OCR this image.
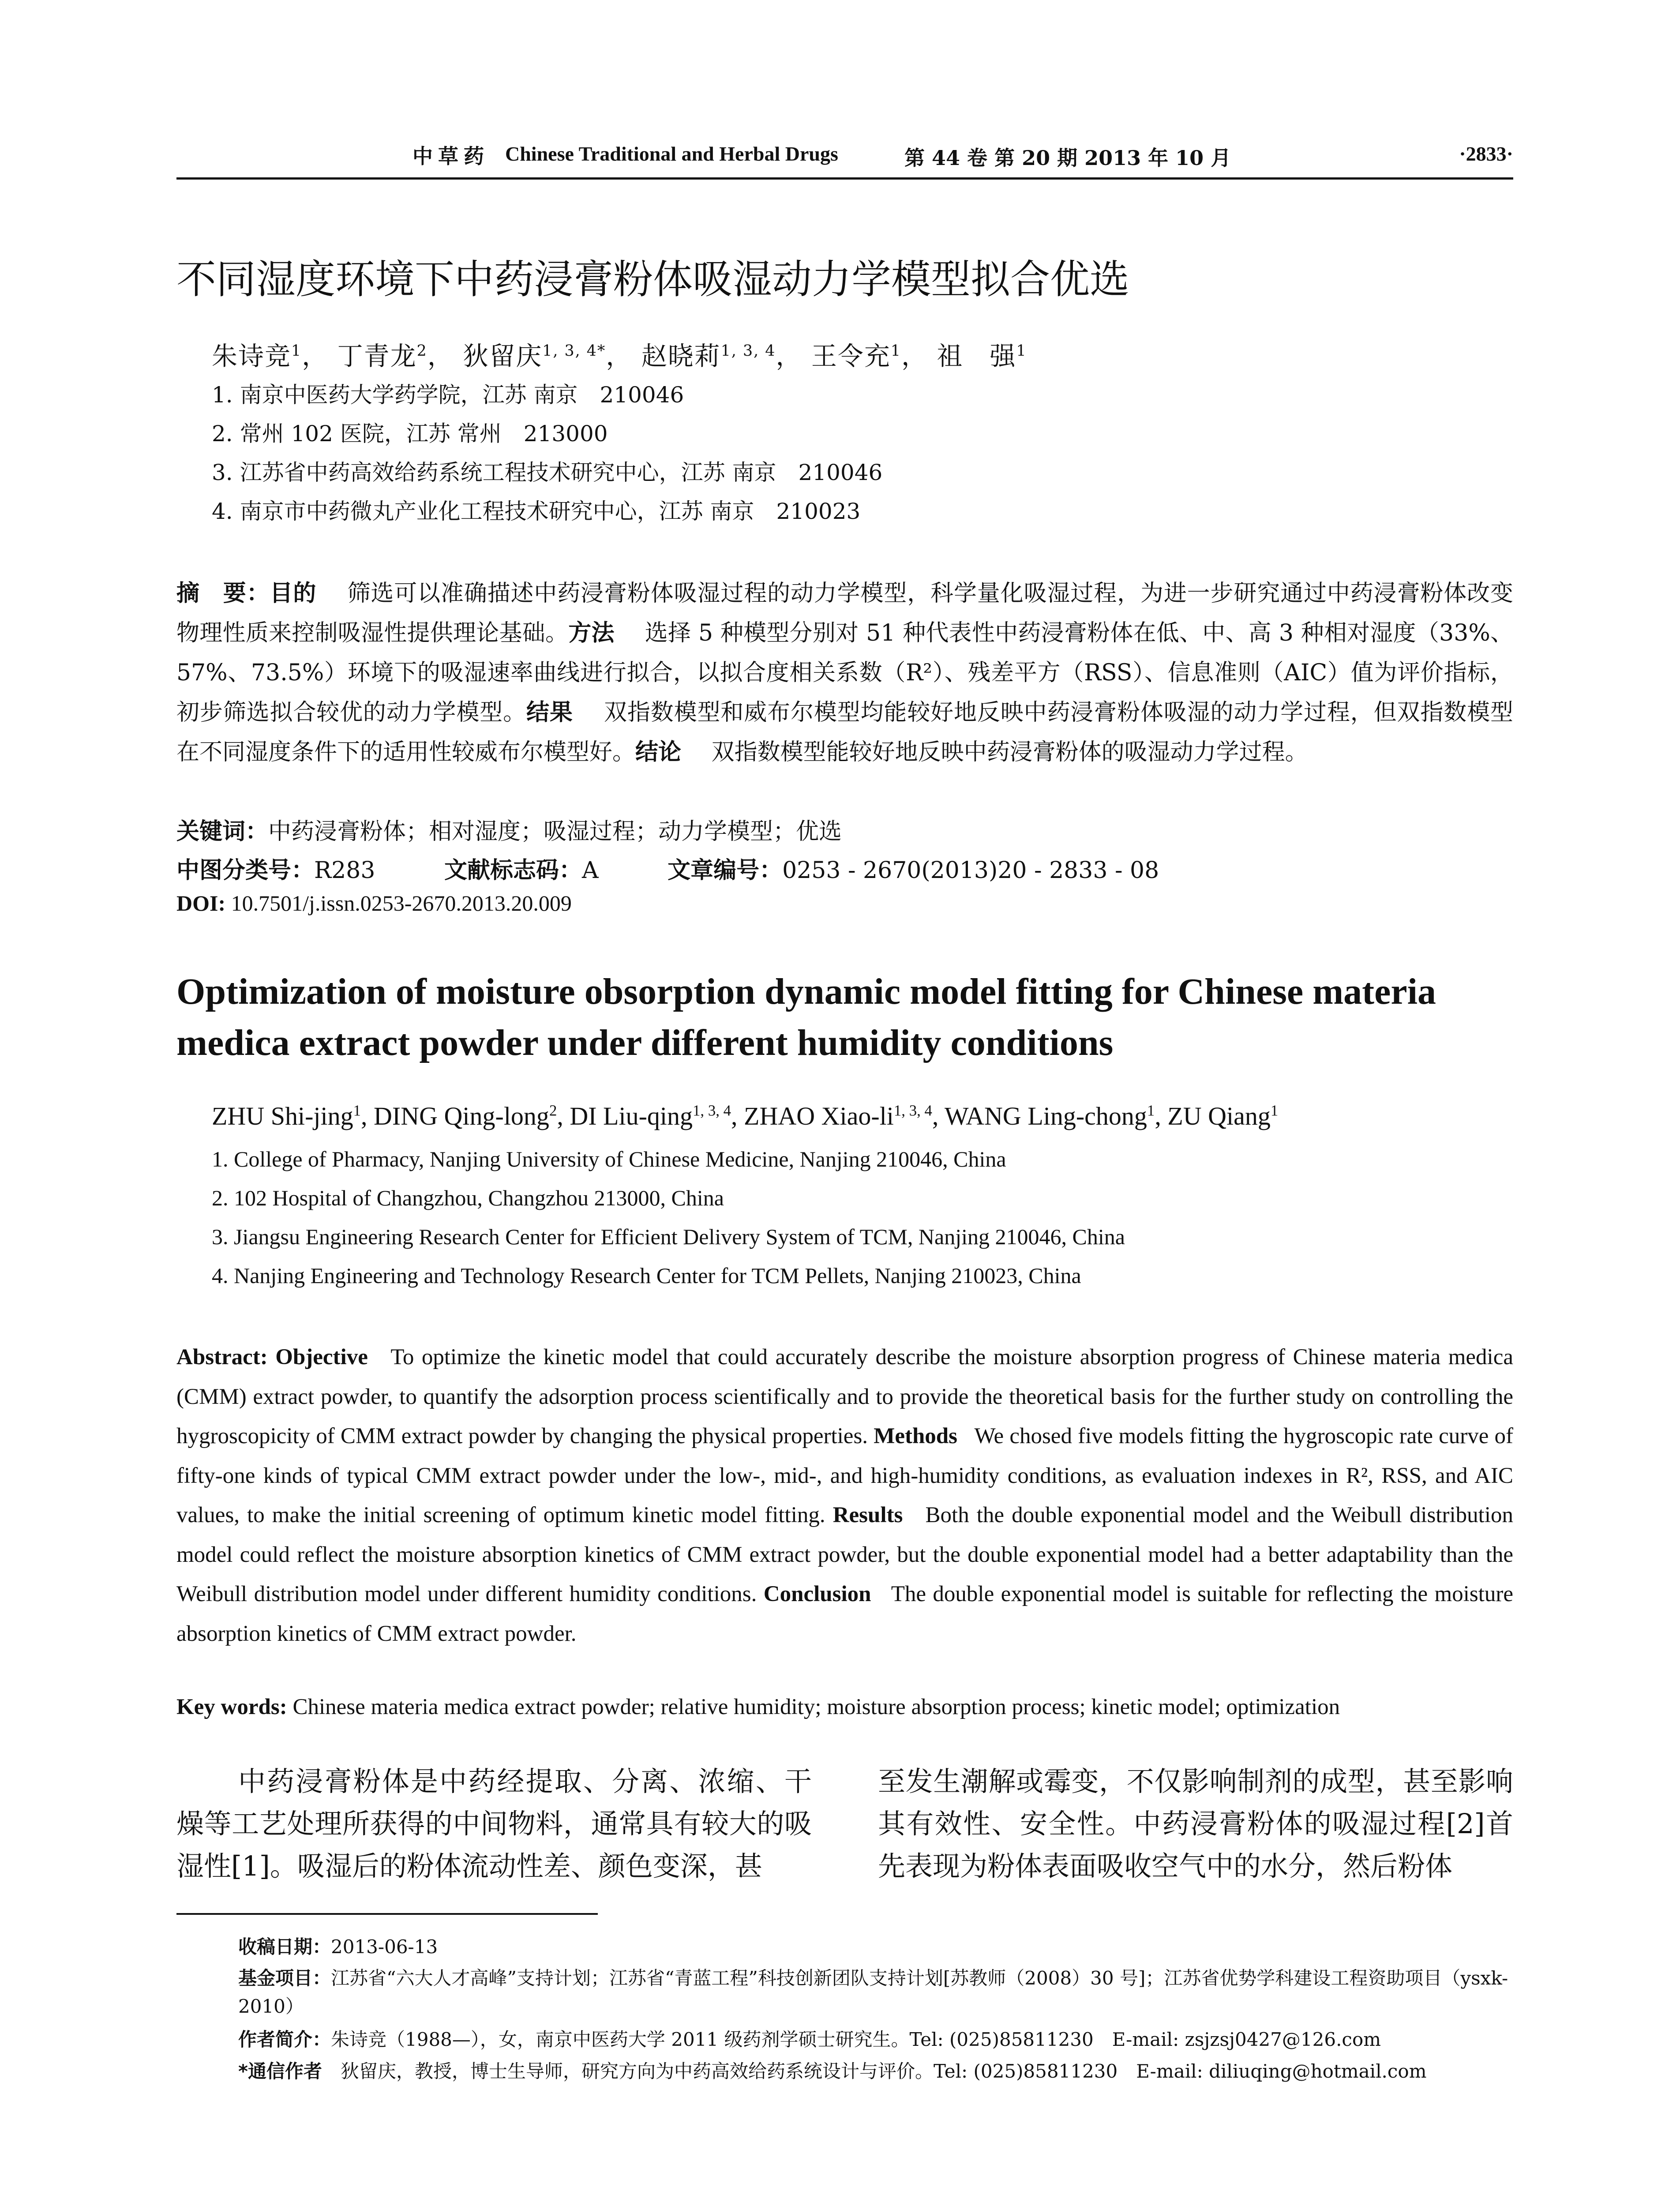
中草药 Chinese Traditional and Herbal Drugs	第 44 卷 第 20 期 2013 年 10 月	·2833·
不同湿度环境下中药浸膏粉体吸湿动力学模型拟合优选
朱诗竞$^1$， 丁青龙$^2$， 狄留庆$^{1, 3, 4*}$， 赵晓莉$^{1, 3, 4}$， 王令充$^1$， 祖　强$^1$
1. 南京中医药大学药学院，江苏 南京　210046
2. 常州 102 医院，江苏 常州　213000
3. 江苏省中药高效给药系统工程技术研究中心，江苏 南京　210046
4. 南京市中药微丸产业化工程技术研究中心，江苏 南京　210023
摘　要：目的　 筛选可以准确描述中药浸膏粉体吸湿过程的动力学模型，科学量化吸湿过程，为进一步研究通过中药浸膏粉体改变物理性质来控制吸湿性提供理论基础。方法　 选择 5 种模型分别对 51 种代表性中药浸膏粉体在低、中、高 3 种相对湿度（33%、57%、73.5%）环境下的吸湿速率曲线进行拟合，以拟合度相关系数（R²）、残差平方（RSS）、信息准则（AIC）值为评价指标，初步筛选拟合较优的动力学模型。结果　 双指数模型和威布尔模型均能较好地反映中药浸膏粉体吸湿的动力学过程，但双指数模型在不同湿度条件下的适用性较威布尔模型好。结论　 双指数模型能较好地反映中药浸膏粉体的吸湿动力学过程。
关键词：中药浸膏粉体；相对湿度；吸湿过程；动力学模型；优选
中图分类号：R283	文献标志码：A	文章编号：0253 - 2670(2013)20 - 2833 - 08
DOI: 10.7501/j.issn.0253-2670.2013.20.009
Optimization of moisture obsorption dynamic model fitting for Chinese materia medica extract powder under different humidity conditions
ZHU Shi-jing$^1$, DING Qing-long$^2$, DI Liu-qing$^{1, 3, 4}$, ZHAO Xiao-li$^{1, 3, 4}$, WANG Ling-chong$^1$, ZU Qiang$^1$
1. College of Pharmacy, Nanjing University of Chinese Medicine, Nanjing 210046, China
2. 102 Hospital of Changzhou, Changzhou 213000, China
3. Jiangsu Engineering Research Center for Efficient Delivery System of TCM, Nanjing 210046, China
4. Nanjing Engineering and Technology Research Center for TCM Pellets, Nanjing 210023, China
Abstract: Objective To optimize the kinetic model that could accurately describe the moisture absorption progress of Chinese materia medica (CMM) extract powder, to quantify the adsorption process scientifically and to provide the theoretical basis for the further study on controlling the hygroscopicity of CMM extract powder by changing the physical properties. Methods We chosed five models fitting the hygroscopic rate curve of fifty-one kinds of typical CMM extract powder under the low-, mid-, and high-humidity conditions, as evaluation indexes in R², RSS, and AIC values, to make the initial screening of optimum kinetic model fitting. Results Both the double exponential model and the Weibull distribution model could reflect the moisture absorption kinetics of CMM extract powder, but the double exponential model had a better adaptability than the Weibull distribution model under different humidity conditions. Conclusion The double exponential model is suitable for reflecting the moisture absorption kinetics of CMM extract powder.
Key words: Chinese materia medica extract powder; relative humidity; moisture absorption process; kinetic model; optimization
中药浸膏粉体是中药经提取、分离、浓缩、干燥等工艺处理所获得的中间物料，通常具有较大的吸湿性[1]。吸湿后的粉体流动性差、颜色变深，甚
至发生潮解或霉变，不仅影响制剂的成型，甚至影响其有效性、安全性。中药浸膏粉体的吸湿过程[2]首先表现为粉体表面吸收空气中的水分，然后粉体
收稿日期：2013-06-13
基金项目：江苏省“六大人才高峰”支持计划；江苏省“青蓝工程”科技创新团队支持计划[苏教师（2008）30 号]；江苏省优势学科建设工程资助项目（ysxk-2010）
作者简介：朱诗竞（1988—），女，南京中医药大学 2011 级药剂学硕士研究生。Tel: (025)85811230　E-mail: zsjzsj0427@126.com
*通信作者　 狄留庆，教授，博士生导师，研究方向为中药高效给药系统设计与评价。Tel: (025)85811230　E-mail: diliuqing@hotmail.com
